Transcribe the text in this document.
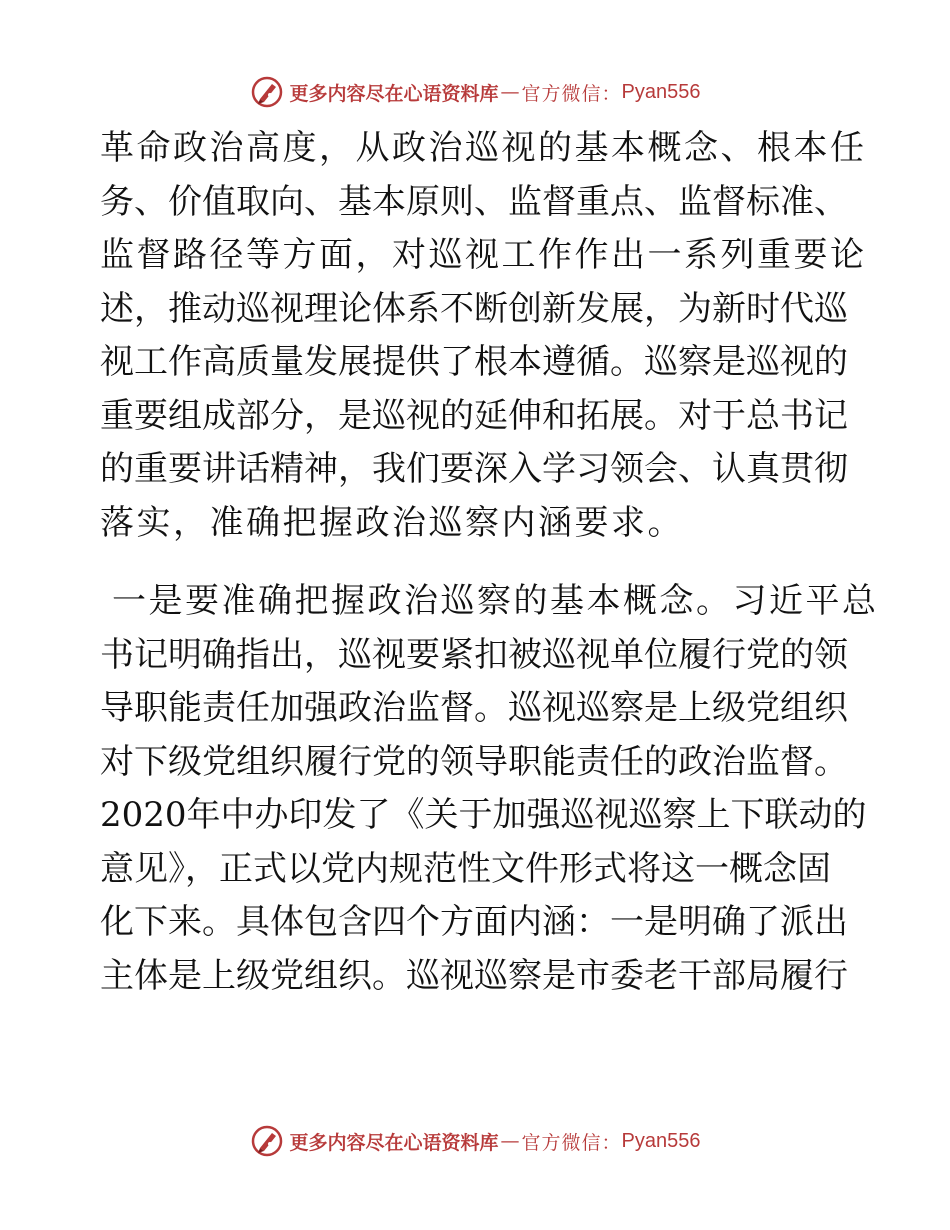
更多内容尽在心语资料库 — 官方微信： Pyan556
革命政治高度，从政治巡视的基本概念、根本任
务、价值取向、基本原则、监督重点、监督标准、
监督路径等方面，对巡视工作作出一系列重要论
述，推动巡视理论体系不断创新发展，为新时代巡
视工作高质量发展提供了根本遵循。巡察是巡视的
重要组成部分，是巡视的延伸和拓展。对于总书记
的重要讲话精神，我们要深入学习领会、认真贯彻
落实，准确把握政治巡察内涵要求。
一是要准确把握政治巡察的基本概念。习近平总
书记明确指出，巡视要紧扣被巡视单位履行党的领
导职能责任加强政治监督。巡视巡察是上级党组织
对下级党组织履行党的领导职能责任的政治监督。
2020年中办印发了《关于加强巡视巡察上下联动的
意见》，正式以党内规范性文件形式将这一概念固
化下来。具体包含四个方面内涵：一是明确了派出
主体是上级党组织。巡视巡察是市委老干部局履行
更多内容尽在心语资料库 — 官方微信： Pyan556
